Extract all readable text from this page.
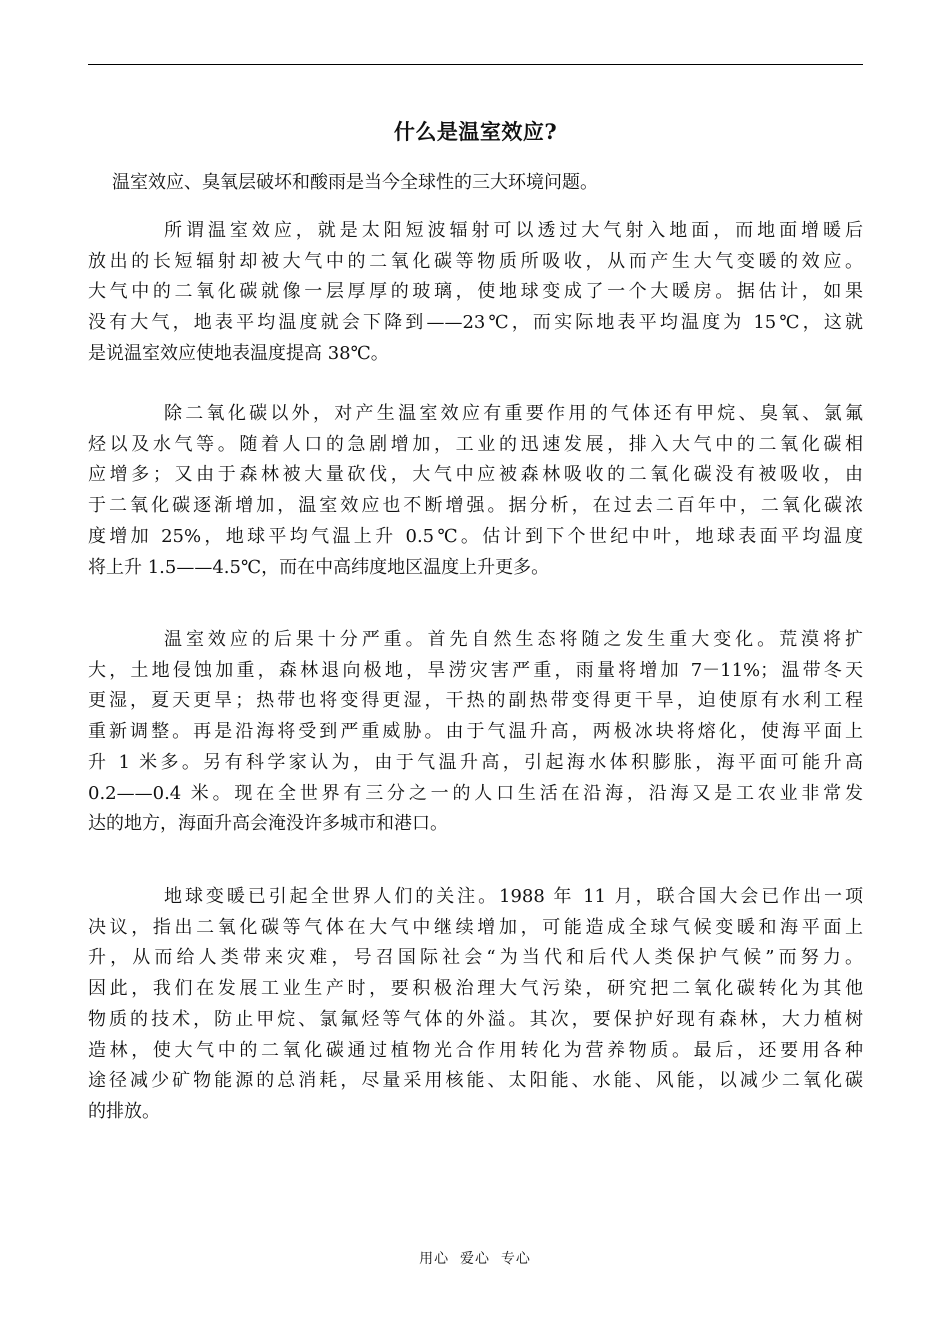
什么是温室效应?

温室效应、臭氧层破坏和酸雨是当今全球性的三大环境问题。

所谓温室效应，就是太阳短波辐射可以透过大气射入地面，而地面增暖后
放出的长短辐射却被大气中的二氧化碳等物质所吸收，从而产生大气变暖的效应。
大气中的二氧化碳就像一层厚厚的玻璃，使地球变成了一个大暖房。据估计，如果
没有大气，地表平均温度就会下降到——23℃，而实际地表平均温度为 15℃，这就
是说温室效应使地表温度提高 38℃。
除二氧化碳以外，对产生温室效应有重要作用的气体还有甲烷、臭氧、氯氟
烃以及水气等。随着人口的急剧增加，工业的迅速发展，排入大气中的二氧化碳相
应增多；又由于森林被大量砍伐，大气中应被森林吸收的二氧化碳没有被吸收，由
于二氧化碳逐渐增加，温室效应也不断增强。据分析，在过去二百年中，二氧化碳浓
度增加 25%，地球平均气温上升 0.5℃。估计到下个世纪中叶，地球表面平均温度
将上升 1.5——4.5℃，而在中高纬度地区温度上升更多。
温室效应的后果十分严重。首先自然生态将随之发生重大变化。荒漠将扩
大，土地侵蚀加重，森林退向极地，旱涝灾害严重，雨量将增加 7－11%；温带冬天
更湿，夏天更旱；热带也将变得更湿，干热的副热带变得更干旱，迫使原有水利工程
重新调整。再是沿海将受到严重威胁。由于气温升高，两极冰块将熔化，使海平面上
升 1 米多。另有科学家认为，由于气温升高，引起海水体积膨胀，海平面可能升高
0.2——0.4 米。现在全世界有三分之一的人口生活在沿海，沿海又是工农业非常发
达的地方，海面升高会淹没许多城市和港口。
地球变暖已引起全世界人们的关注。1988 年 11 月，联合国大会已作出一项
决议，指出二氧化碳等气体在大气中继续增加，可能造成全球气候变暖和海平面上
升，从而给人类带来灾难，号召国际社会“为当代和后代人类保护气候”而努力。
因此，我们在发展工业生产时，要积极治理大气污染，研究把二氧化碳转化为其他
物质的技术，防止甲烷、氯氟烃等气体的外溢。其次，要保护好现有森林，大力植树
造林，使大气中的二氧化碳通过植物光合作用转化为营养物质。最后，还要用各种
途径减少矿物能源的总消耗，尽量采用核能、太阳能、水能、风能，以减少二氧化碳
的排放。
用心  爱心  专心
